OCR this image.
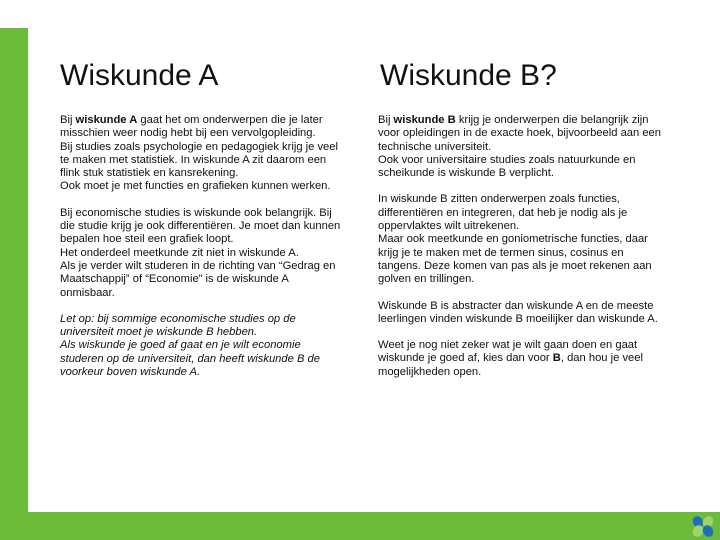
Wiskunde A	Wiskunde B?

Bij wiskunde A gaat het om onderwerpen die je later misschien weer nodig hebt bij een vervolgopleiding.

Bij studies zoals psychologie en pedagogiek krijg je veel te maken met statistiek. In wiskunde A zit daarom een flink stuk statistiek en kansrekening.

Ook moet je met functies en grafieken kunnen werken.

Bij economische studies is wiskunde ook belangrijk. Bij die studie krijg je ook differentiëren. Je moet dan kunnen bepalen hoe steil een grafiek loopt.

Het onderdeel meetkunde zit niet in wiskunde A.

Als je verder wilt studeren in de richting van “Gedrag en Maatschappij” of “Economie” is de wiskunde A onmisbaar.

Let op: bij sommige economische studies op de universiteit moet je wiskunde B hebben.

Als wiskunde je goed af gaat en je wilt economie studeren op de universiteit, dan heeft wiskunde B de voorkeur boven wiskunde A.

Bij wiskunde B krijg je onderwerpen die belangrijk zijn voor opleidingen in de exacte hoek, bijvoorbeeld aan een technische universiteit.

Ook voor universitaire studies zoals natuurkunde en scheikunde is wiskunde B verplicht.

In wiskunde B zitten onderwerpen zoals functies, differentiëren en integreren, dat heb je nodig als je oppervlaktes wilt uitrekenen.

Maar ook meetkunde en goniometrische functies, daar krijg je te maken met de termen sinus, cosinus en tangens. Deze komen van pas als je moet rekenen aan golven en trillingen.

Wiskunde B is abstracter dan wiskunde A en de meeste leerlingen vinden wiskunde B moeilijker dan wiskunde A.

Weet je nog niet zeker wat je wilt gaan doen en gaat wiskunde je goed af, kies dan voor B, dan hou je veel mogelijkheden open.
